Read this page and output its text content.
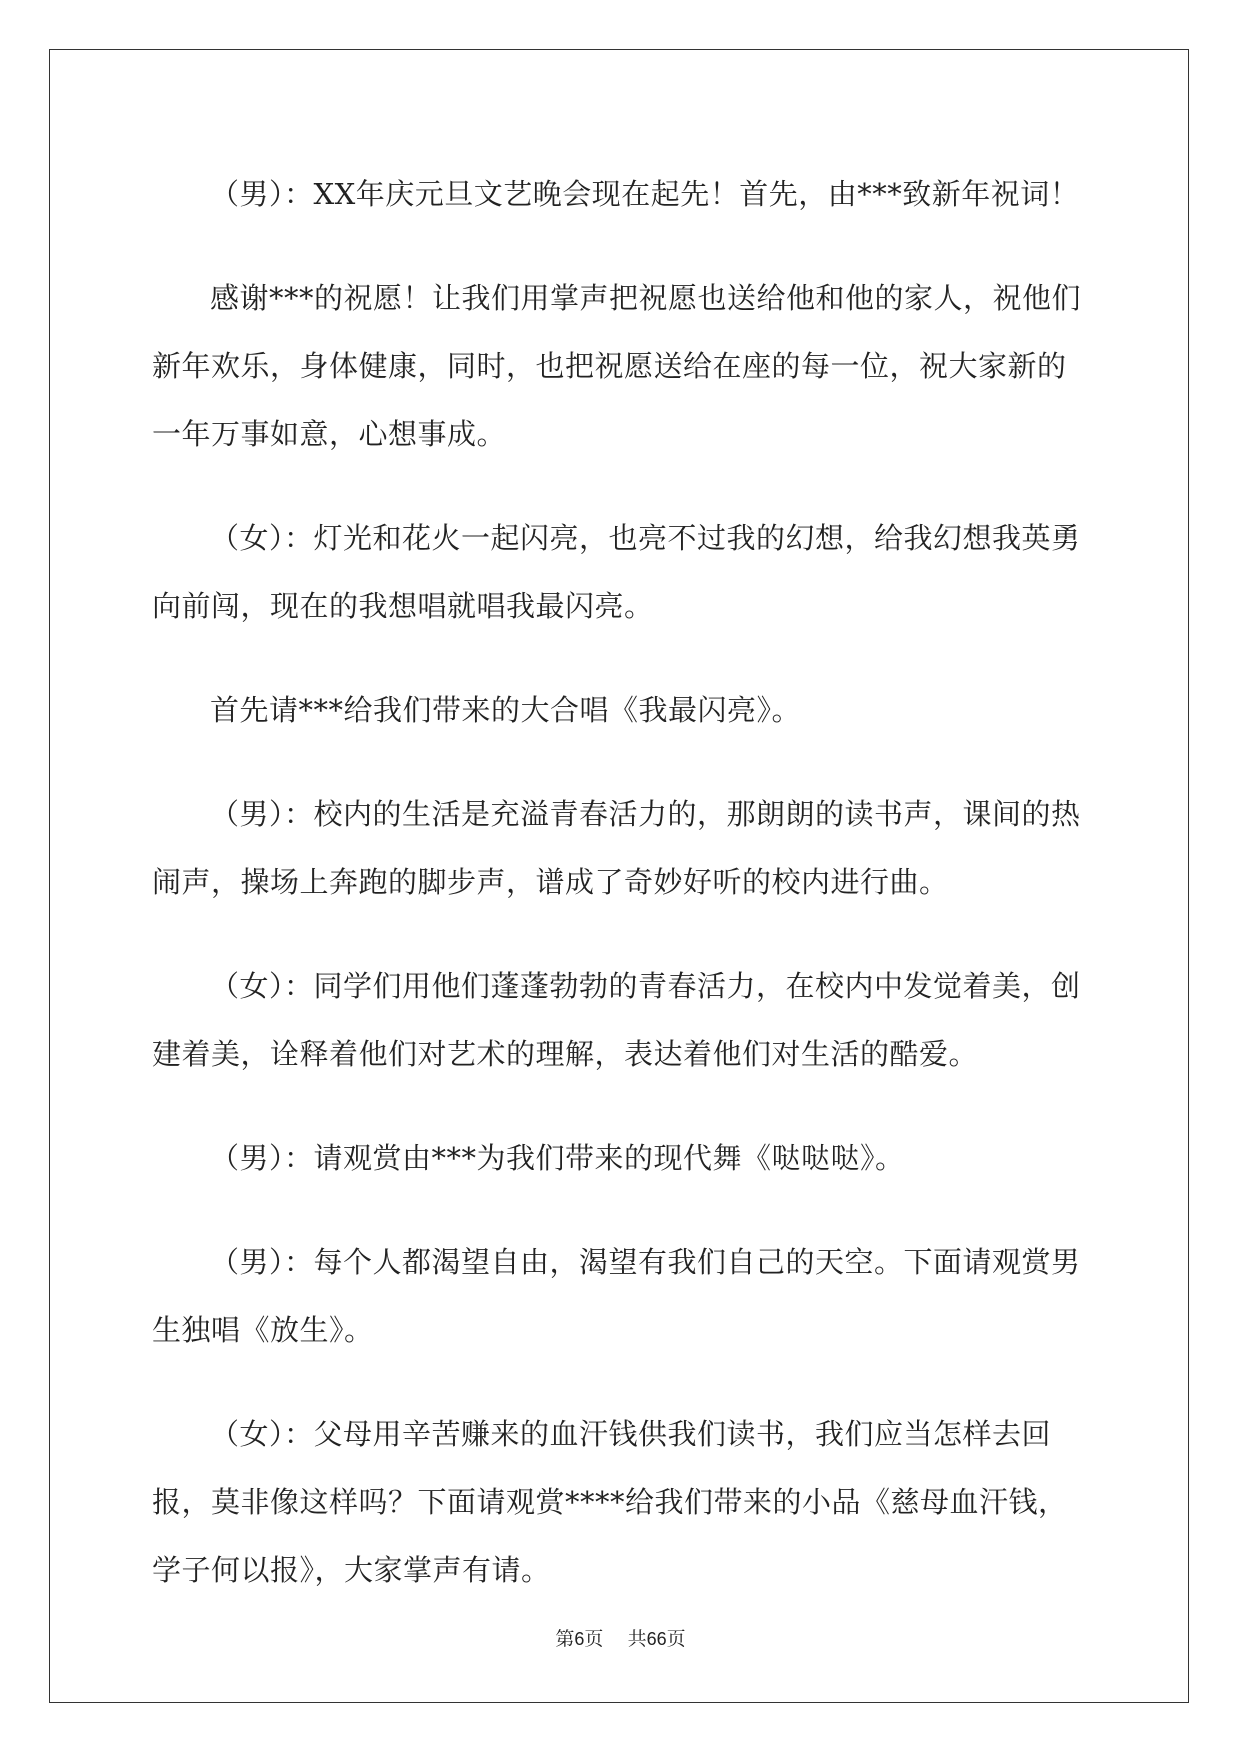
（男）：XX年庆元旦文艺晚会现在起先！首先，由***致新年祝词！

感谢***的祝愿！让我们用掌声把祝愿也送给他和他的家人，祝他们新年欢乐，身体健康，同时，也把祝愿送给在座的每一位，祝大家新的一年万事如意，心想事成。

（女）：灯光和花火一起闪亮，也亮不过我的幻想，给我幻想我英勇向前闯，现在的我想唱就唱我最闪亮。

首先请***给我们带来的大合唱《我最闪亮》。

（男）：校内的生活是充溢青春活力的，那朗朗的读书声，课间的热闹声，操场上奔跑的脚步声，谱成了奇妙好听的校内进行曲。

（女）：同学们用他们蓬蓬勃勃的青春活力，在校内中发觉着美，创建着美，诠释着他们对艺术的理解，表达着他们对生活的酷爱。

（男）：请观赏由***为我们带来的现代舞《哒哒哒》。

（男）：每个人都渴望自由，渴望有我们自己的天空。下面请观赏男生独唱《放生》。

（女）：父母用辛苦赚来的血汗钱供我们读书，我们应当怎样去回报，莫非像这样吗？下面请观赏****给我们带来的小品《慈母血汗钱，学子何以报》，大家掌声有请。

第6页 共66页
